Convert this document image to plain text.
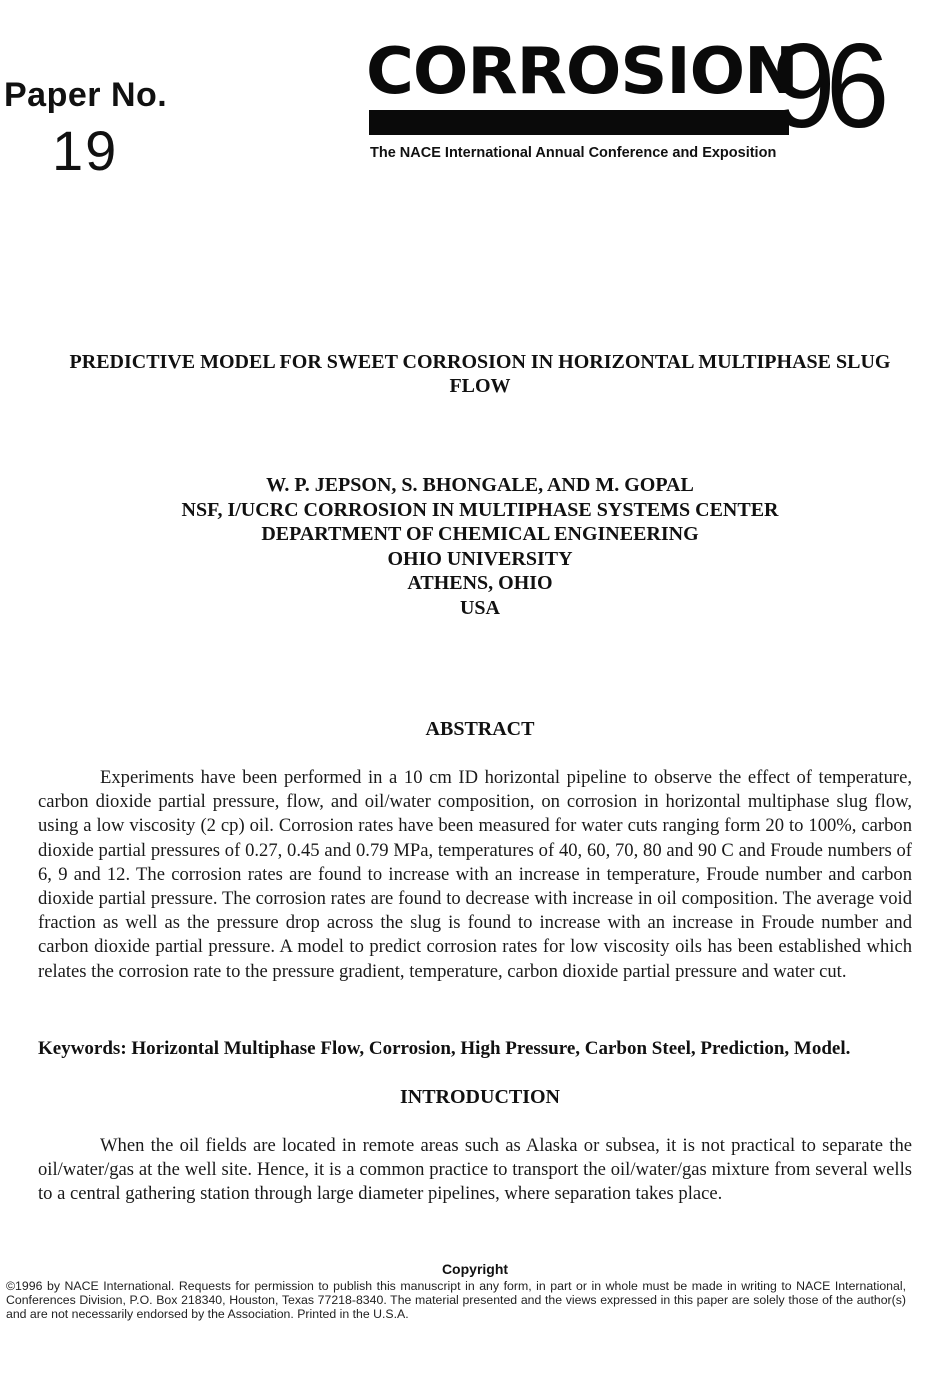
Paper No.
19
CORROSION
96
The NACE International Annual Conference and Exposition
PREDICTIVE MODEL FOR SWEET CORROSION IN HORIZONTAL MULTIPHASE SLUG FLOW
W. P. JEPSON, S. BHONGALE, AND M. GOPAL
NSF, I/UCRC CORROSION IN MULTIPHASE SYSTEMS CENTER
DEPARTMENT OF CHEMICAL ENGINEERING
OHIO UNIVERSITY
ATHENS, OHIO
USA
ABSTRACT
Experiments have been performed in a 10 cm ID horizontal pipeline to observe the effect of temperature, carbon dioxide partial pressure, flow, and oil/water composition, on corrosion in horizontal multiphase slug flow, using a low viscosity (2 cp) oil. Corrosion rates have been measured for water cuts ranging form 20 to 100%, carbon dioxide partial pressures of 0.27, 0.45 and 0.79 MPa, temperatures of 40, 60, 70, 80 and 90 C and Froude numbers of 6, 9 and 12. The corrosion rates are found to increase with an increase in temperature, Froude number and carbon dioxide partial pressure. The corrosion rates are found to decrease with increase in oil composition. The average void fraction as well as the pressure drop across the slug is found to increase with an increase in Froude number and carbon dioxide partial pressure. A model to predict corrosion rates for low viscosity oils has been established which relates the corrosion rate to the pressure gradient, temperature, carbon dioxide partial pressure and water cut.
Keywords: Horizontal Multiphase Flow, Corrosion, High Pressure, Carbon Steel, Prediction, Model.
INTRODUCTION
When the oil fields are located in remote areas such as Alaska or subsea, it is not practical to separate the oil/water/gas at the well site. Hence, it is a common practice to transport the oil/water/gas mixture from several wells to a central gathering station through large diameter pipelines, where separation takes place.
Copyright
©1996 by NACE International. Requests for permission to publish this manuscript in any form, in part or in whole must be made in writing to NACE International, Conferences Division, P.O. Box 218340, Houston, Texas 77218-8340. The material presented and the views expressed in this paper are solely those of the author(s) and are not necessarily endorsed by the Association. Printed in the U.S.A.
